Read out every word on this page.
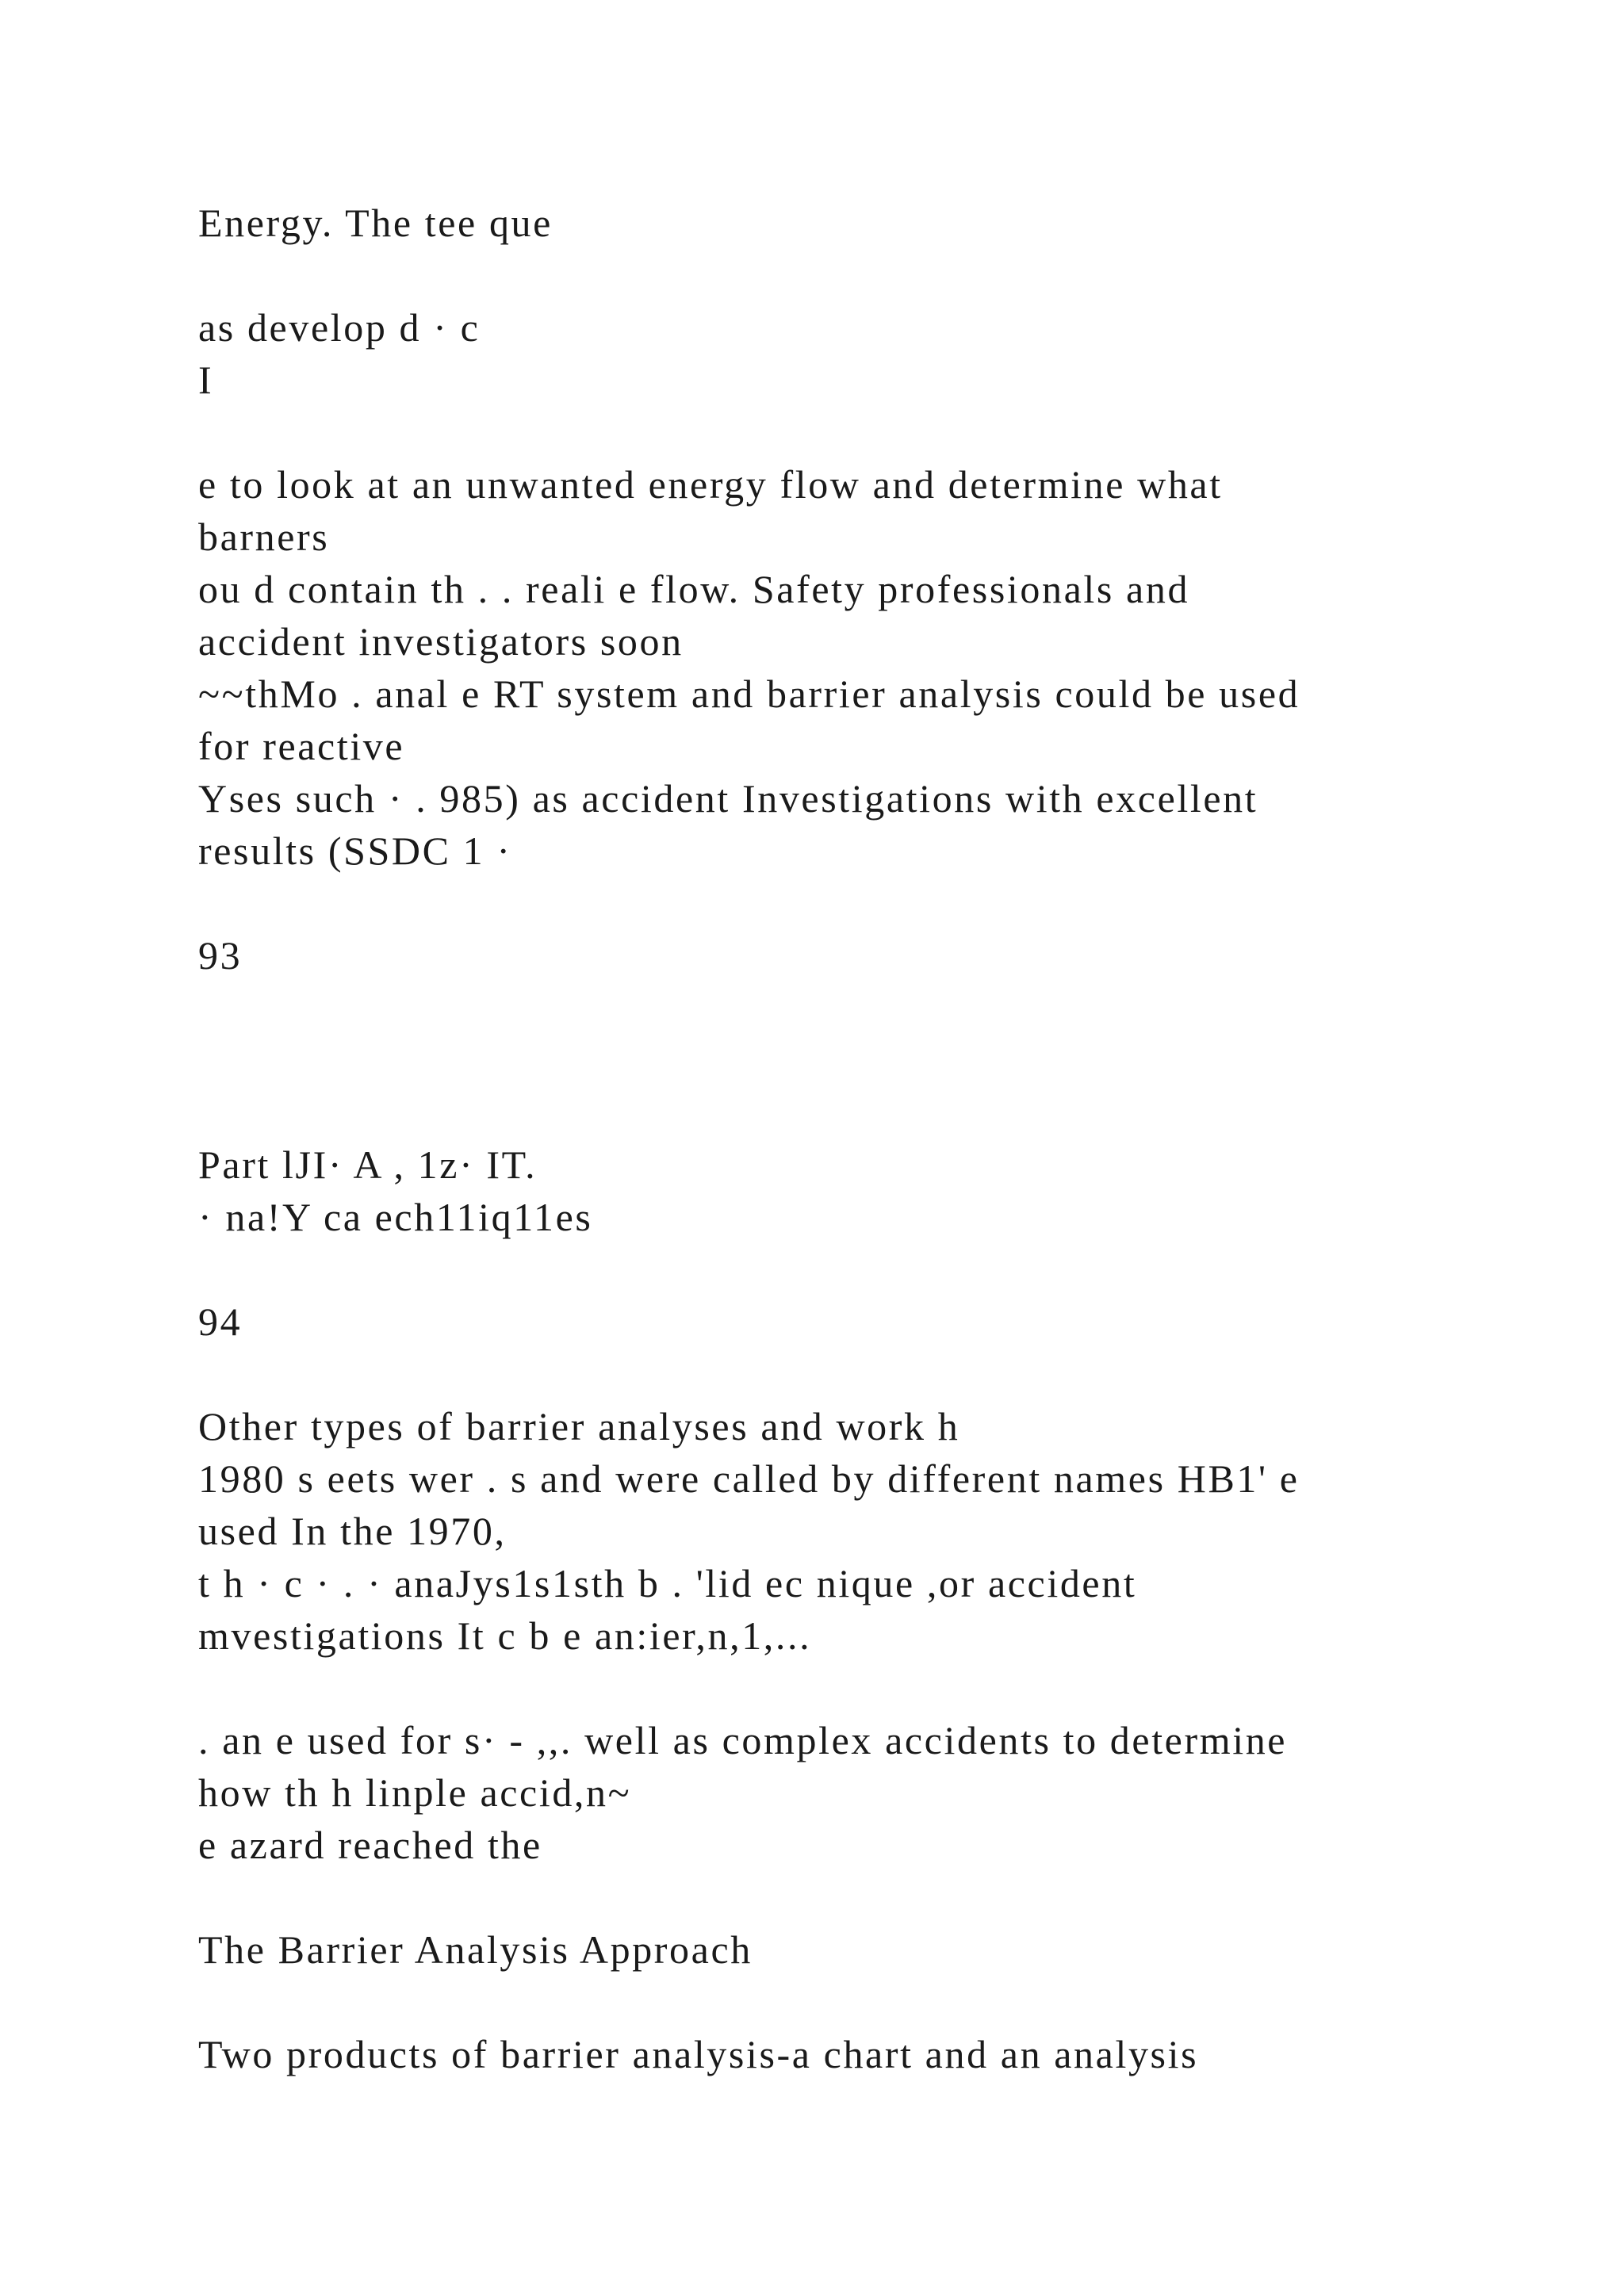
Energy. The tee que
as develop d · c
I
e to look at an unwanted energy flow and determine what
barners
ou d contain th . . reali e flow. Safety professionals and
accident investigators soon
~~thMo . anal e RT system and barrier analysis could be used
for reactive
Yses such · . 985) as accident Investigations with excellent
results (SSDC 1 ·
93
Part lJI· A , 1z· IT.
· na!Y ca ech11iq11es
94
Other types of barrier analyses and work h
1980 s eets wer . s and were called by different names HB1' e
used In the 1970,
t h · c · . · anaJys1s1sth b . 'lid ec nique ,or accident
mvestigations It c b e an:ier,n,1,...
. an e used for s· - ,,. well as complex accidents to determine
how th h linple accid,n~
e azard reached the
The Barrier Analysis Approach
Two products of barrier analysis-a chart and an analysis
